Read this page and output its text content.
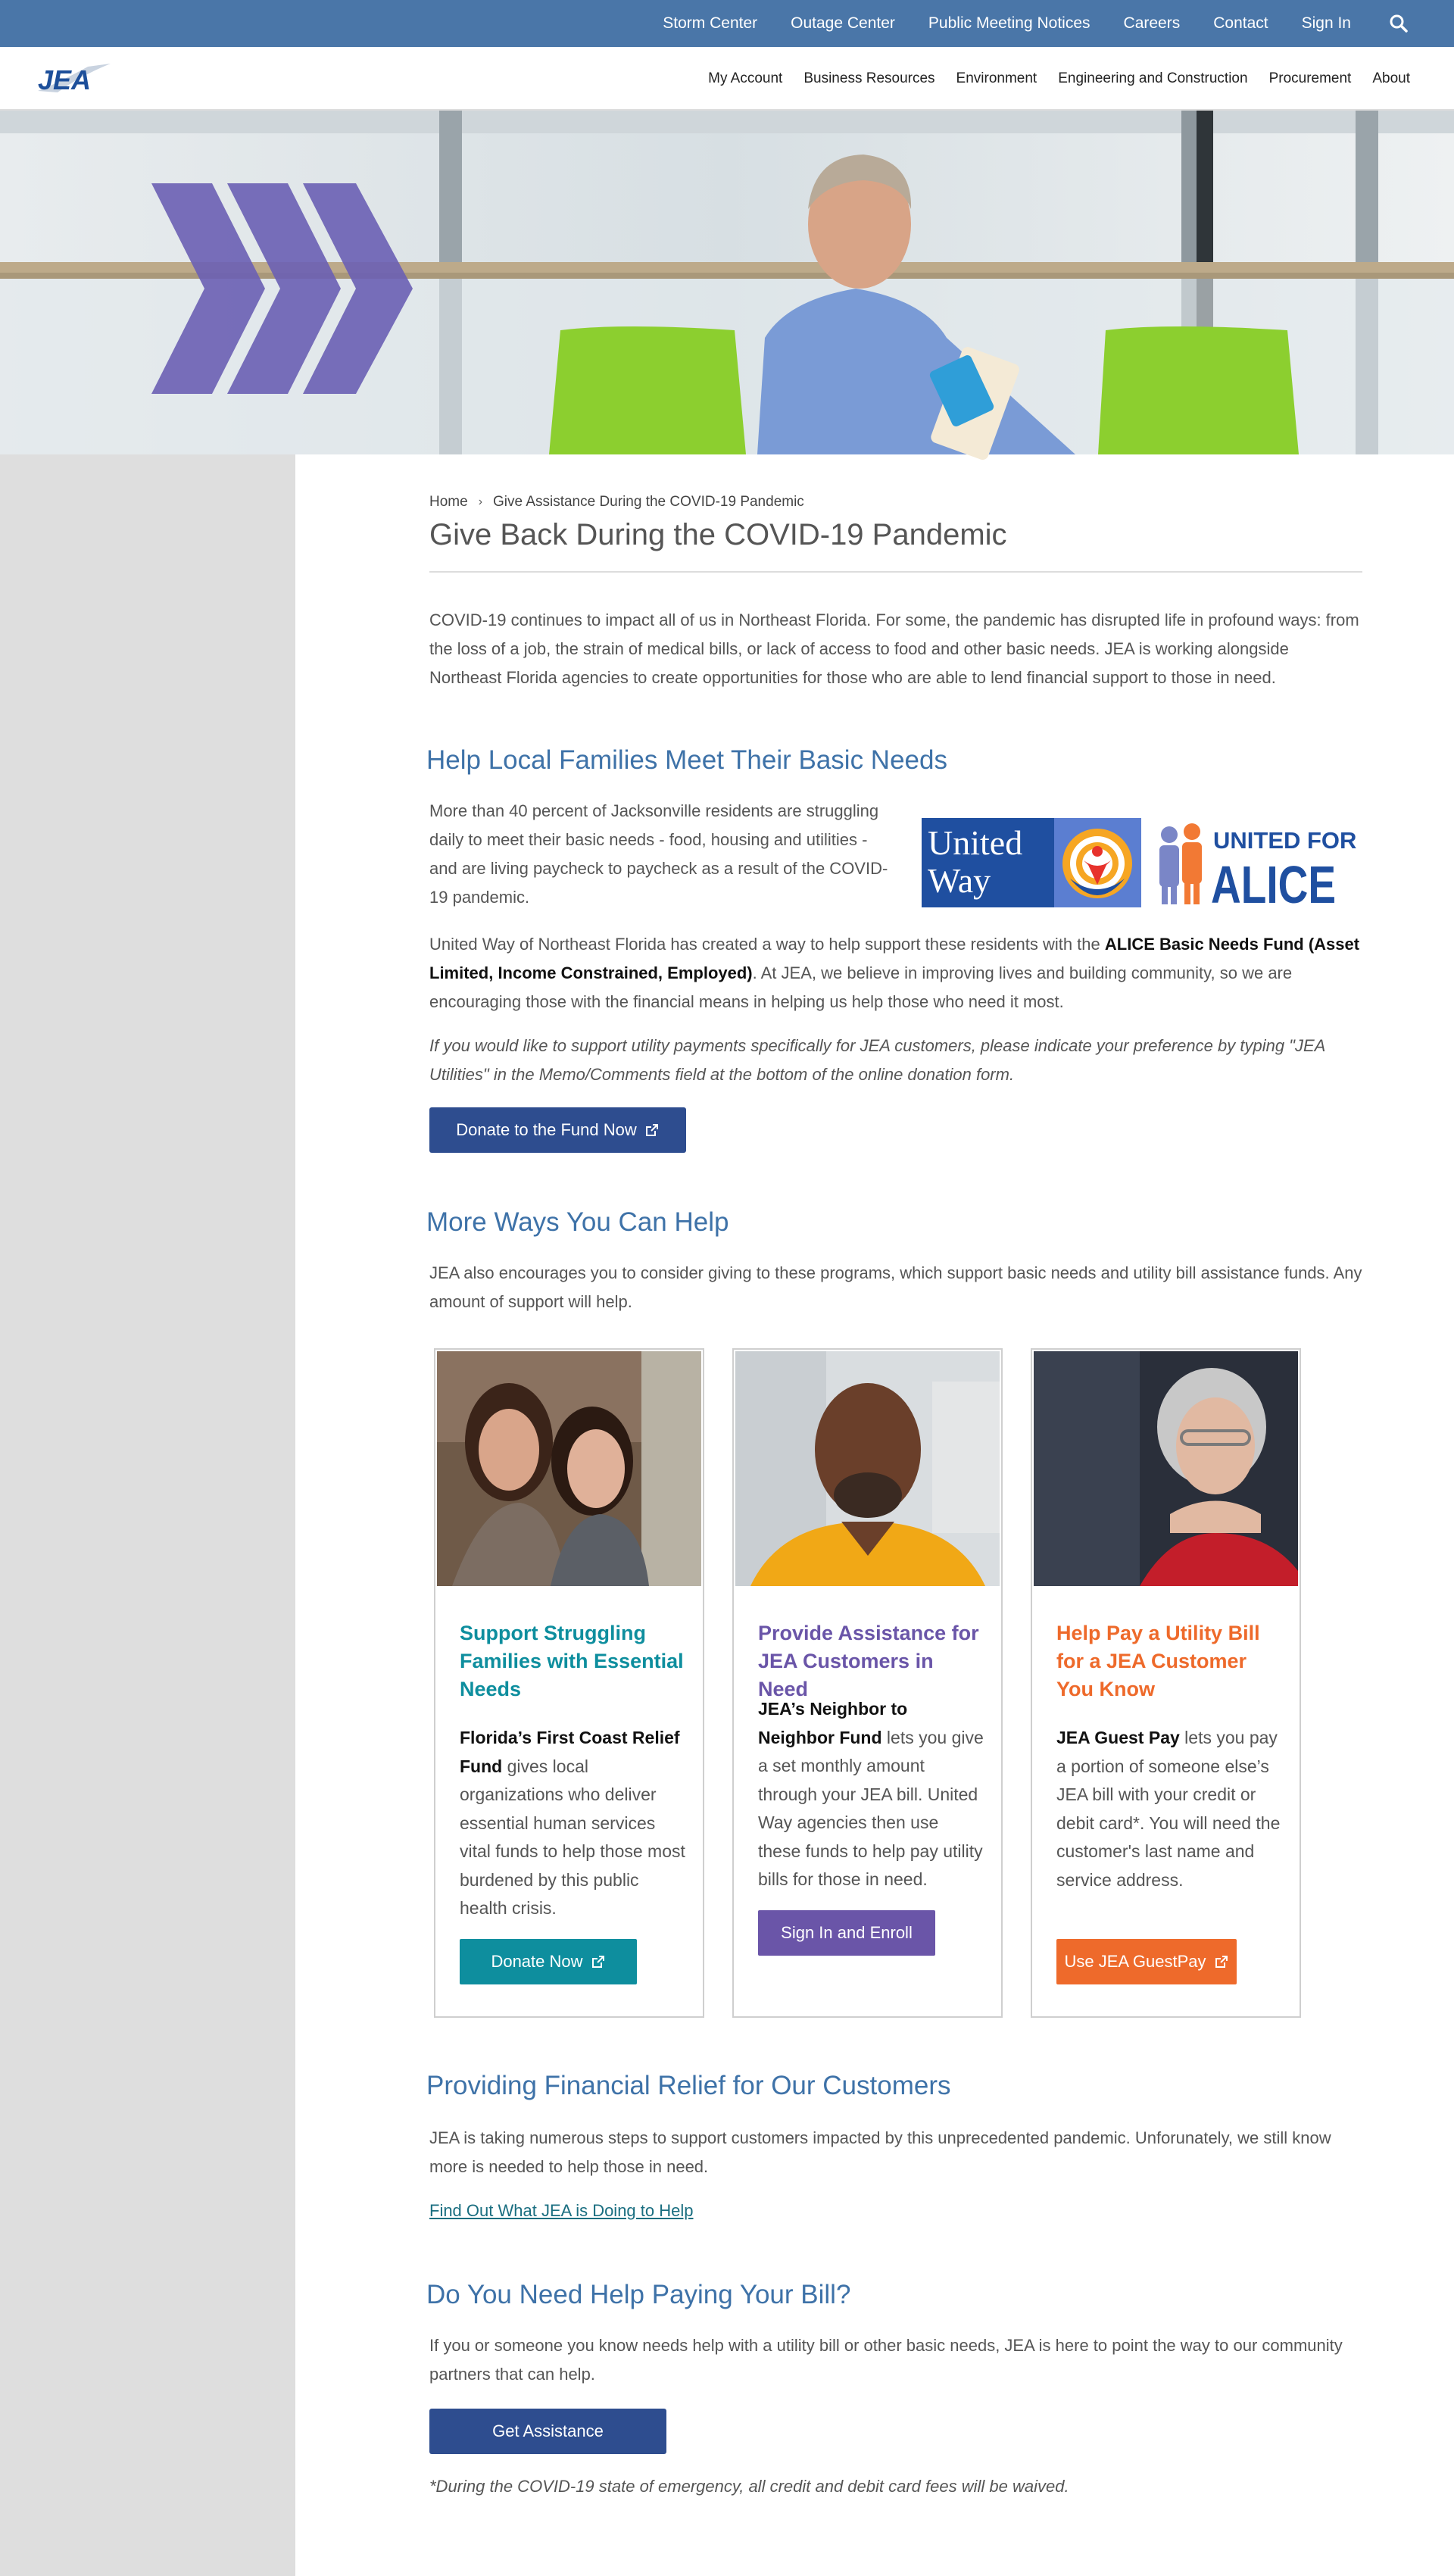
Storm Center Outage Center Public Meeting Notices Careers Contact Sign In
JEA	My Account Business Resources Environment Engineering and Construction Procurement About
Home › Give Assistance During the COVID-19 Pandemic
Give Back During the COVID-19 Pandemic

COVID-19 continues to impact all of us in Northeast Florida. For some, the pandemic has disrupted life in profound ways: from the loss of a job, the strain of medical bills, or lack of access to food and other basic needs. JEA is working alongside Northeast Florida agencies to create opportunities for those who are able to lend financial support to those in need.

Help Local Families Meet Their Basic Needs

More than 40 percent of Jacksonville residents are struggling daily to meet their basic needs - food, housing and utilities - and are living paycheck to paycheck as a result of the COVID-19 pandemic.

United
Way
UNITED FOR
ALICE

United Way of Northeast Florida has created a way to help support these residents with the ALICE Basic Needs Fund (Asset Limited, Income Constrained, Employed). At JEA, we believe in improving lives and building community, so we are encouraging those with the financial means in helping us help those who need it most.

If you would like to support utility payments specifically for JEA customers, please indicate your preference by typing "JEA Utilities" in the Memo/Comments field at the bottom of the online donation form.

Donate to the Fund Now
More Ways You Can Help

JEA also encourages you to consider giving to these programs, which support basic needs and utility bill assistance funds. Any amount of support will help.

Support Struggling Families with Essential Needs

Florida’s First Coast Relief Fund gives local organizations who deliver essential human services vital funds to help those most burdened by this public health crisis.

Donate Now
Provide Assistance for JEA Customers in Need

JEA’s Neighbor to Neighbor Fund lets you give a set monthly amount through your JEA bill. United Way agencies then use these funds to help pay utility bills for those in need.

Sign In and Enroll
Help Pay a Utility Bill for a JEA Customer You Know

JEA Guest Pay lets you pay a portion of someone else’s JEA bill with your credit or debit card*. You will need the customer's last name and service address.

Use JEA GuestPay
Providing Financial Relief for Our Customers

JEA is taking numerous steps to support customers impacted by this unprecedented pandemic. Unforunately, we still know more is needed to help those in need.

Find Out What JEA is Doing to Help
Do You Need Help Paying Your Bill?

If you or someone you know needs help with a utility bill or other basic needs, JEA is here to point the way to our community partners that can help.

Get Assistance

*During the COVID-19 state of emergency, all credit and debit card fees will be waived.
